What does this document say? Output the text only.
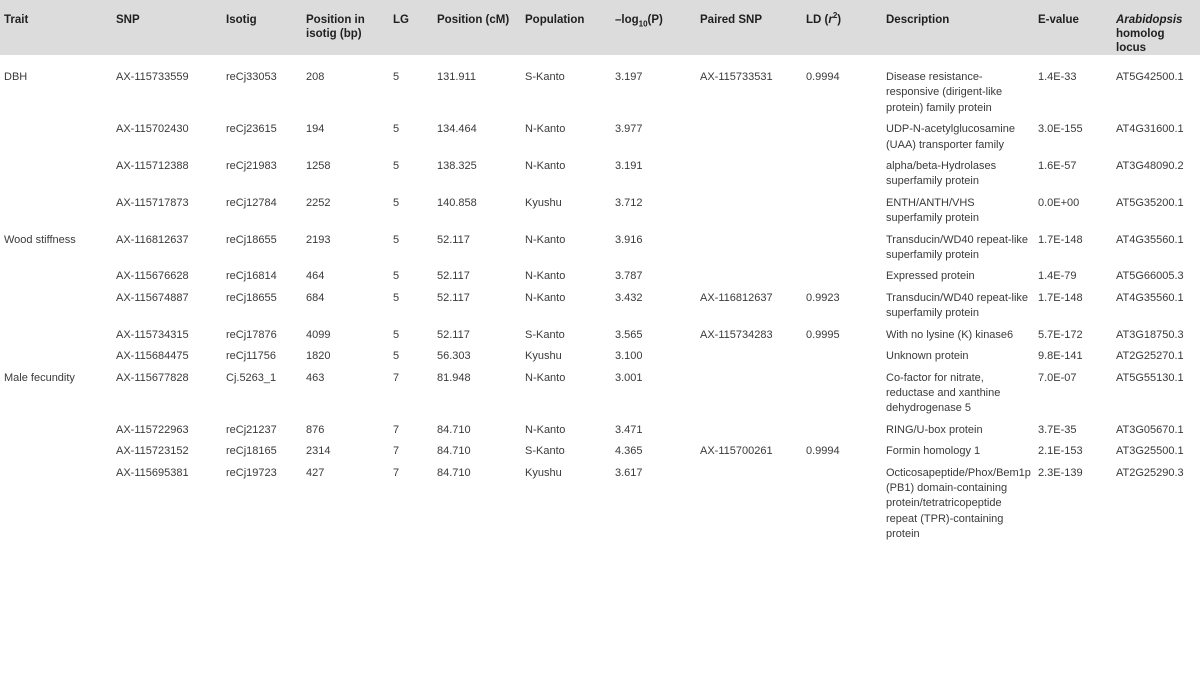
Trait	SNP	Isotig	Position in isotig (bp)	LG	Position (cM)	Population	$-\log_{10}(P)$	Paired SNP	LD $(r^2)$	Description	E-value	Arabidopsis homolog locus
DBH	AX-115733559	reCj33053	208	5	131.911	S-Kanto	3.197	AX-115733531	0.9994	Disease resistance-responsive (dirigent-like protein) family protein	1.4E-33	AT5G42500.1
	AX-115702430	reCj23615	194	5	134.464	N-Kanto	3.977			UDP-N-acetylglucosamine (UAA) transporter family	3.0E-155	AT4G31600.1
	AX-115712388	reCj21983	1258	5	138.325	N-Kanto	3.191			alpha/beta-Hydrolases superfamily protein	1.6E-57	AT3G48090.2
	AX-115717873	reCj12784	2252	5	140.858	Kyushu	3.712			ENTH/ANTH/VHS superfamily protein	0.0E+00	AT5G35200.1
Wood stiffness	AX-116812637	reCj18655	2193	5	52.117	N-Kanto	3.916			Transducin/WD40 repeat-like superfamily protein	1.7E-148	AT4G35560.1
	AX-115676628	reCj16814	464	5	52.117	N-Kanto	3.787			Expressed protein	1.4E-79	AT5G66005.3
	AX-115674887	reCj18655	684	5	52.117	N-Kanto	3.432	AX-116812637	0.9923	Transducin/WD40 repeat-like superfamily protein	1.7E-148	AT4G35560.1
	AX-115734315	reCj17876	4099	5	52.117	S-Kanto	3.565	AX-115734283	0.9995	With no lysine (K) kinase6	5.7E-172	AT3G18750.3
	AX-115684475	reCj11756	1820	5	56.303	Kyushu	3.100			Unknown protein	9.8E-141	AT2G25270.1
Male fecundity	AX-115677828	Cj.5263_1	463	7	81.948	N-Kanto	3.001			Co-factor for nitrate, reductase and xanthine dehydrogenase 5	7.0E-07	AT5G55130.1
	AX-115722963	reCj21237	876	7	84.710	N-Kanto	3.471			RING/U-box protein	3.7E-35	AT3G05670.1
	AX-115723152	reCj18165	2314	7	84.710	S-Kanto	4.365	AX-115700261	0.9994	Formin homology 1	2.1E-153	AT3G25500.1
	AX-115695381	reCj19723	427	7	84.710	Kyushu	3.617			Octicosapeptide/Phox/Bem1p (PB1) domain-containing protein/tetratricopeptide repeat (TPR)-containing protein	2.3E-139	AT2G25290.3
